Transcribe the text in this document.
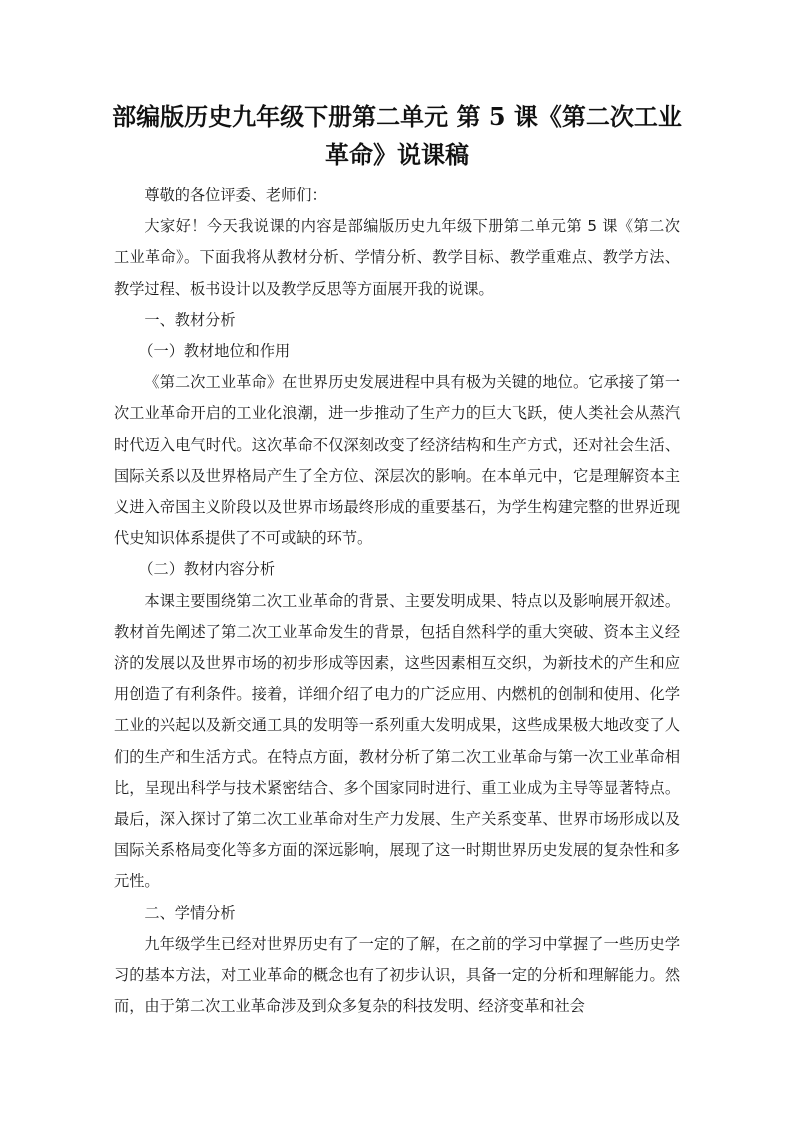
部编版历史九年级下册第二单元 第 5 课《第二次工业革命》说课稿

尊敬的各位评委、老师们：

大家好！今天我说课的内容是部编版历史九年级下册第二单元第 5 课《第二次工业革命》。下面我将从教材分析、学情分析、教学目标、教学重难点、教学方法、教学过程、板书设计以及教学反思等方面展开我的说课。

一、教材分析

（一）教材地位和作用

《第二次工业革命》在世界历史发展进程中具有极为关键的地位。它承接了第一次工业革命开启的工业化浪潮，进一步推动了生产力的巨大飞跃，使人类社会从蒸汽时代迈入电气时代。这次革命不仅深刻改变了经济结构和生产方式，还对社会生活、国际关系以及世界格局产生了全方位、深层次的影响。在本单元中，它是理解资本主义进入帝国主义阶段以及世界市场最终形成的重要基石，为学生构建完整的世界近现代史知识体系提供了不可或缺的环节。

（二）教材内容分析

本课主要围绕第二次工业革命的背景、主要发明成果、特点以及影响展开叙述。教材首先阐述了第二次工业革命发生的背景，包括自然科学的重大突破、资本主义经济的发展以及世界市场的初步形成等因素，这些因素相互交织，为新技术的产生和应用创造了有利条件。接着，详细介绍了电力的广泛应用、内燃机的创制和使用、化学工业的兴起以及新交通工具的发明等一系列重大发明成果，这些成果极大地改变了人们的生产和生活方式。在特点方面，教材分析了第二次工业革命与第一次工业革命相比，呈现出科学与技术紧密结合、多个国家同时进行、重工业成为主导等显著特点。最后，深入探讨了第二次工业革命对生产力发展、生产关系变革、世界市场形成以及国际关系格局变化等多方面的深远影响，展现了这一时期世界历史发展的复杂性和多元性。

二、学情分析

九年级学生已经对世界历史有了一定的了解，在之前的学习中掌握了一些历史学习的基本方法，对工业革命的概念也有了初步认识，具备一定的分析和理解能力。然而，由于第二次工业革命涉及到众多复杂的科技发明、经济变革和社会
